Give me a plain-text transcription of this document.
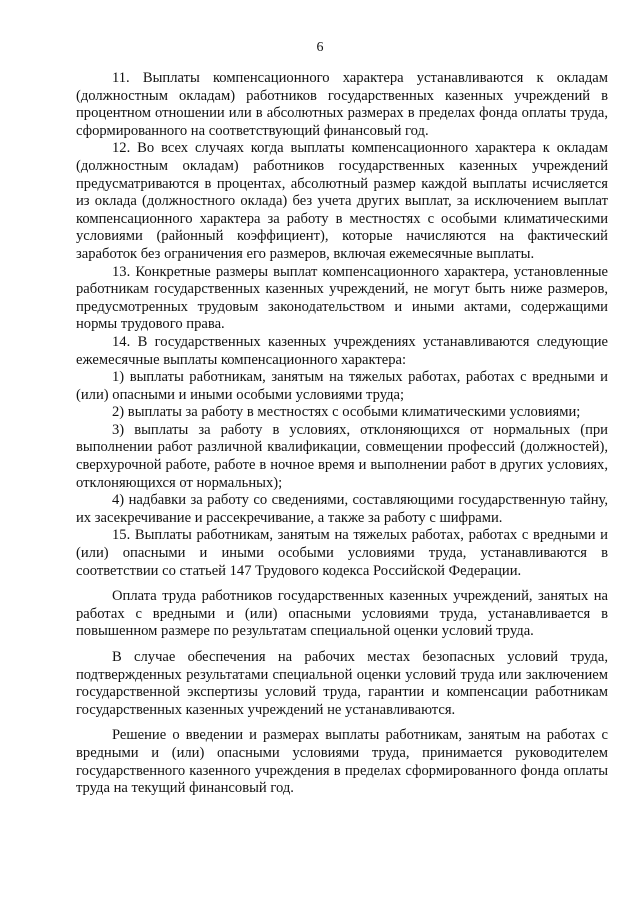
6

11. Выплаты компенсационного характера устанавливаются к окладам (должностным окладам) работников государственных казенных учреждений в процентном отношении или в абсолютных размерах в пределах фонда оплаты труда, сформированного на соответствующий финансовый год.

12. Во всех случаях когда выплаты компенсационного характера к окладам (должностным окладам) работников государственных казенных учреждений предусматриваются в процентах, абсолютный размер каждой выплаты исчисляется из оклада (должностного оклада) без учета других выплат, за исключением выплат компенсационного характера за работу в местностях с особыми климатическими условиями (районный коэффициент), которые начисляются на фактический заработок без ограничения его размеров, включая ежемесячные выплаты.

13. Конкретные размеры выплат компенсационного характера, установленные работникам государственных казенных учреждений, не могут быть ниже размеров, предусмотренных трудовым законодательством и иными актами, содержащими нормы трудового права.

14. В государственных казенных учреждениях устанавливаются следующие ежемесячные выплаты компенсационного характера:

1) выплаты работникам, занятым на тяжелых работах, работах с вредными и (или) опасными и иными особыми условиями труда;

2) выплаты за работу в местностях с особыми климатическими условиями;

3) выплаты за работу в условиях, отклоняющихся от нормальных (при выполнении работ различной квалификации, совмещении профессий (должностей), сверхурочной работе, работе в ночное время и выполнении работ в других условиях, отклоняющихся от нормальных);

4) надбавки за работу со сведениями, составляющими государственную тайну, их засекречивание и рассекречивание, а также за работу с шифрами.

15. Выплаты работникам, занятым на тяжелых работах, работах с вредными и (или) опасными и иными особыми условиями труда, устанавливаются в соответствии со статьей 147 Трудового кодекса Российской Федерации.

Оплата труда работников государственных казенных учреждений, занятых на работах с вредными и (или) опасными условиями труда, устанавливается в повышенном размере по результатам специальной оценки условий труда.

В случае обеспечения на рабочих местах безопасных условий труда, подтвержденных результатами специальной оценки условий труда или заключением государственной экспертизы условий труда, гарантии и компенсации работникам государственных казенных учреждений не устанавливаются.

Решение о введении и размерах выплаты работникам, занятым на работах с вредными и (или) опасными условиями труда, принимается руководителем государственного казенного учреждения в пределах сформированного фонда оплаты труда на текущий финансовый год.
